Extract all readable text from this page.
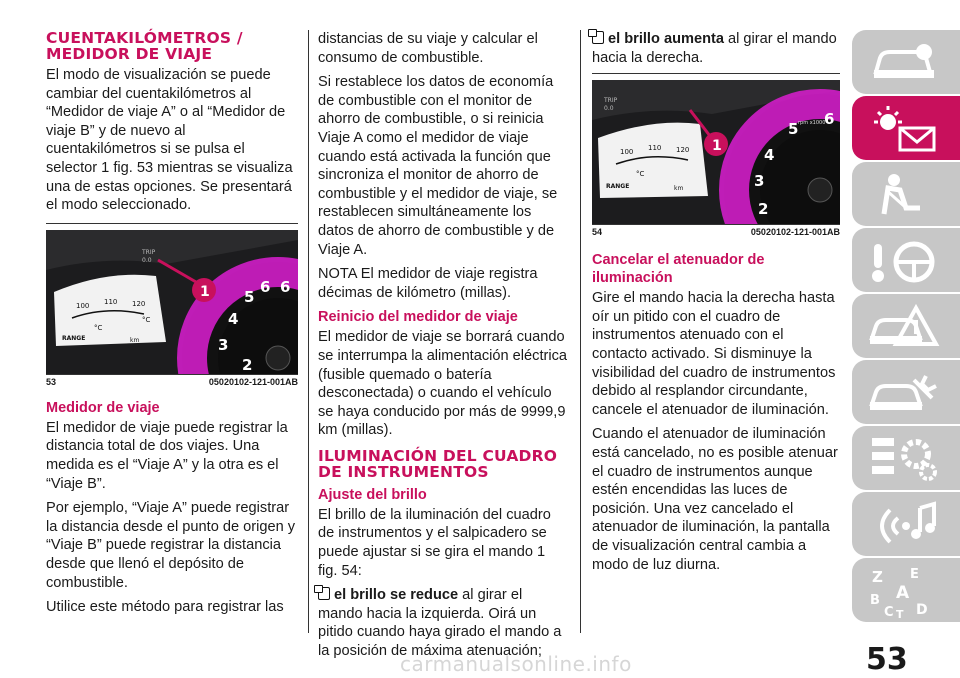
CUENTAKILÓMETROS / MEDIDOR DE VIAJE

El modo de visualización se puede cambiar del cuentakilómetros al “Medidor de viaje A” o al “Medidor de viaje B” y de nuevo al cuentakilómetros si se pulsa el selector 1 fig. 53 mientras se visualiza una de estas opciones. Se presentará el modo seleccionado.

5
4
3
6 6
2
100 110 120
°C
°C
RANGE	km
TRIP
0.0
1
53	05020102-121-001AB
Medidor de viaje

El medidor de viaje puede registrar la distancia total de dos viajes. Una medida es el “Viaje A” y la otra es el “Viaje B”.

Por ejemplo, “Viaje A” puede registrar la distancia desde el punto de origen y “Viaje B” puede registrar la distancia desde que llenó el depósito de combustible.

Utilice este método para registrar las

distancias de su viaje y calcular el consumo de combustible.

Si restablece los datos de economía de combustible con el monitor de ahorro de combustible, o si reinicia Viaje A como el medidor de viaje cuando está activada la función que sincroniza el monitor de ahorro de combustible y el medidor de viaje, se restablecen simultáneamente los datos de ahorro de combustible y de Viaje A.

NOTA El medidor de viaje registra décimas de kilómetro (millas).

Reinicio del medidor de viaje

El medidor de viaje se borrará cuando se interrumpa la alimentación eléctrica (fusible quemado o batería desconectada) o cuando el vehículo se haya conducido por más de 9999,9 km (millas).

ILUMINACIÓN DEL CUADRO DE INSTRUMENTOS
Ajuste del brillo

El brillo de la iluminación del cuadro de instrumentos y el salpicadero se puede ajustar si se gira el mando 1 fig. 54:

el brillo se reduce al girar el mando hacia la izquierda. Oirá un pitido cuando haya girado el mando a la posición de máxima atenuación;

el brillo aumenta al girar el mando hacia la derecha.

5
6
4
3
2
rpm x1000
100 110 120
°C
RANGE	km
TRIP
0.0
1
54	05020102-121-001AB
Cancelar el atenuador de iluminación

Gire el mando hacia la derecha hasta oír un pitido con el cuadro de instrumentos atenuado con el contacto activado. Si disminuye la visibilidad del cuadro de instrumentos debido al resplandor circundante, cancele el atenuador de iluminación.

Cuando el atenuador de iluminación está cancelado, no es posible atenuar el cuadro de instrumentos aunque estén encendidas las luces de posición. Una vez cancelado el atenuador de iluminación, la pantalla de visualización central cambia a modo de luz diurna.

Z E
A
B
C T D
carmanualsonline.info	53
